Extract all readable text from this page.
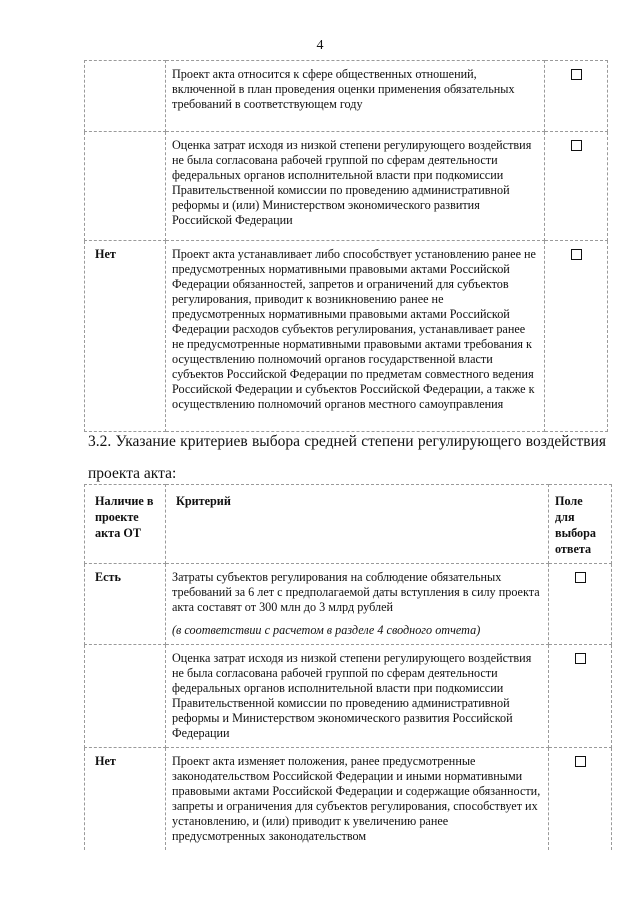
4
	Проект акта относится к сфере общественных отношений, включенной в план проведения оценки применения обязательных требований в соответствующем году	
	Оценка затрат исходя из низкой степени регулирующего воздействия не была согласована рабочей группой по сферам деятельности федеральных органов исполнительной власти при подкомиссии Правительственной комиссии по проведению административной реформы и (или) Министерством экономического развития Российской Федерации	
Нет	Проект акта устанавливает либо способствует установлению ранее не предусмотренных нормативными правовыми актами Российской Федерации обязанностей, запретов и ограничений для субъектов регулирования, приводит к возникновению ранее не предусмотренных нормативными правовыми актами Российской Федерации расходов субъектов регулирования, устанавливает ранее не предусмотренные нормативными правовыми актами требования к осуществлению полномочий органов государственной власти субъектов Российской Федерации по предметам совместного ведения Российской Федерации и субъектов Российской Федерации, а также к осуществлению полномочий органов местного самоуправления	
3.2. Указание критериев выбора средней степени регулирующего воздействия проекта акта:
Наличие в проекте акта ОТ	Критерий	Поле для выбора ответа
Есть	Затраты субъектов регулирования на соблюдение обязательных требований за 6 лет с предполагаемой даты вступления в силу проекта акта составят от 300 млн до 3 млрд рублей
(в соответствии с расчетом в разделе 4 сводного отчета)	

	Оценка затрат исходя из низкой степени регулирующего воздействия не была согласована рабочей группой по сферам деятельности федеральных органов исполнительной власти при подкомиссии Правительственной комиссии по проведению административной реформы и Министерством экономического развития Российской Федерации	
Нет	Проект акта изменяет положения, ранее предусмотренные законодательством Российской Федерации и иными нормативными правовыми актами Российской Федерации и содержащие обязанности, запреты и ограничения для субъектов регулирования, способствует их установлению, и (или) приводит к увеличению ранее предусмотренных законодательством	
